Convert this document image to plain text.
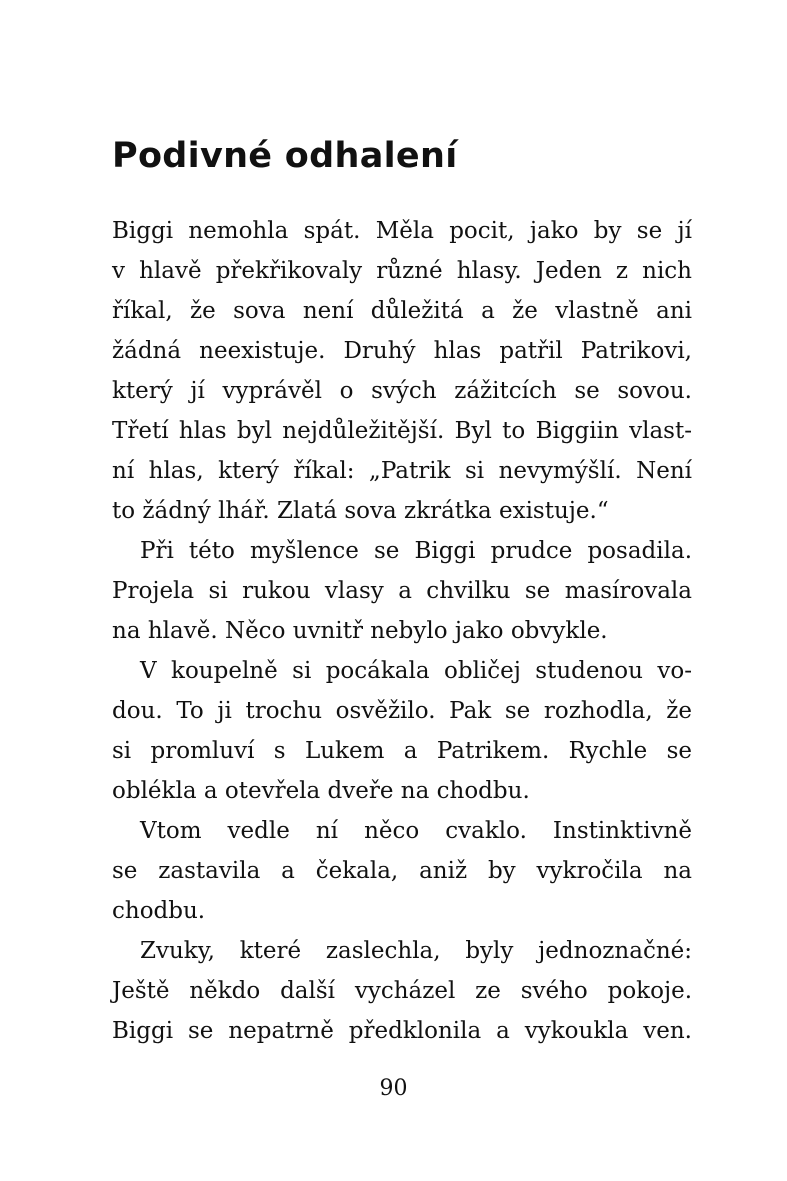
Podivné odhalení
Biggi nemohla spát. Měla pocit, jako by se jí
v hlavě překřikovaly různé hlasy. Jeden z nich
říkal, že sova není důležitá a že vlastně ani
žádná neexistuje. Druhý hlas patřil Patrikovi,
který jí vyprávěl o svých zážitcích se sovou.
Třetí hlas byl nejdůležitější. Byl to Biggiin vlast-
ní hlas, který říkal: „Patrik si nevymýšlí. Není
to žádný lhář. Zlatá sova zkrátka existuje.“
Při této myšlence se Biggi prudce posadila.
Projela si rukou vlasy a chvilku se masírovala
na hlavě. Něco uvnitř nebylo jako obvykle.
V koupelně si pocákala obličej studenou vo-
dou. To ji trochu osvěžilo. Pak se rozhodla, že
si promluví s Lukem a Patrikem. Rychle se
oblékla a otevřela dveře na chodbu.
Vtom vedle ní něco cvaklo. Instinktivně
se zastavila a čekala, aniž by vykročila na
chodbu.
Zvuky, které zaslechla, byly jednoznačné:
Ještě někdo další vycházel ze svého pokoje.
Biggi se nepatrně předklonila a vykoukla ven.
90
